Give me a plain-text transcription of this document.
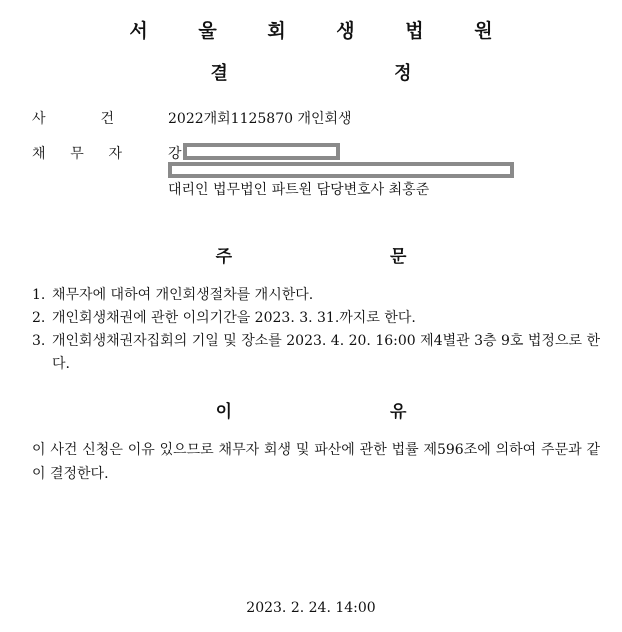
서 울 회 생 법 원
결 정
사	건	2022개회1125870 개인회생
채 무 자	강
대리인 법무법인 파트원 담당변호사 최홍준
주 문
1. 채무자에 대하여 개인회생절차를 개시한다.
2. 개인회생채권에 관한 이의기간을 2023. 3. 31.까지로 한다.
3. 개인회생채권자집회의 기일 및 장소를 2023. 4. 20. 16:00 제4별관 3층 9호 법정으로 한다.
이 유

이 사건 신청은 이유 있으므로 채무자 회생 및 파산에 관한 법률 제596조에 의하여 주문과 같이 결정한다.

2023. 2. 24. 14:00
